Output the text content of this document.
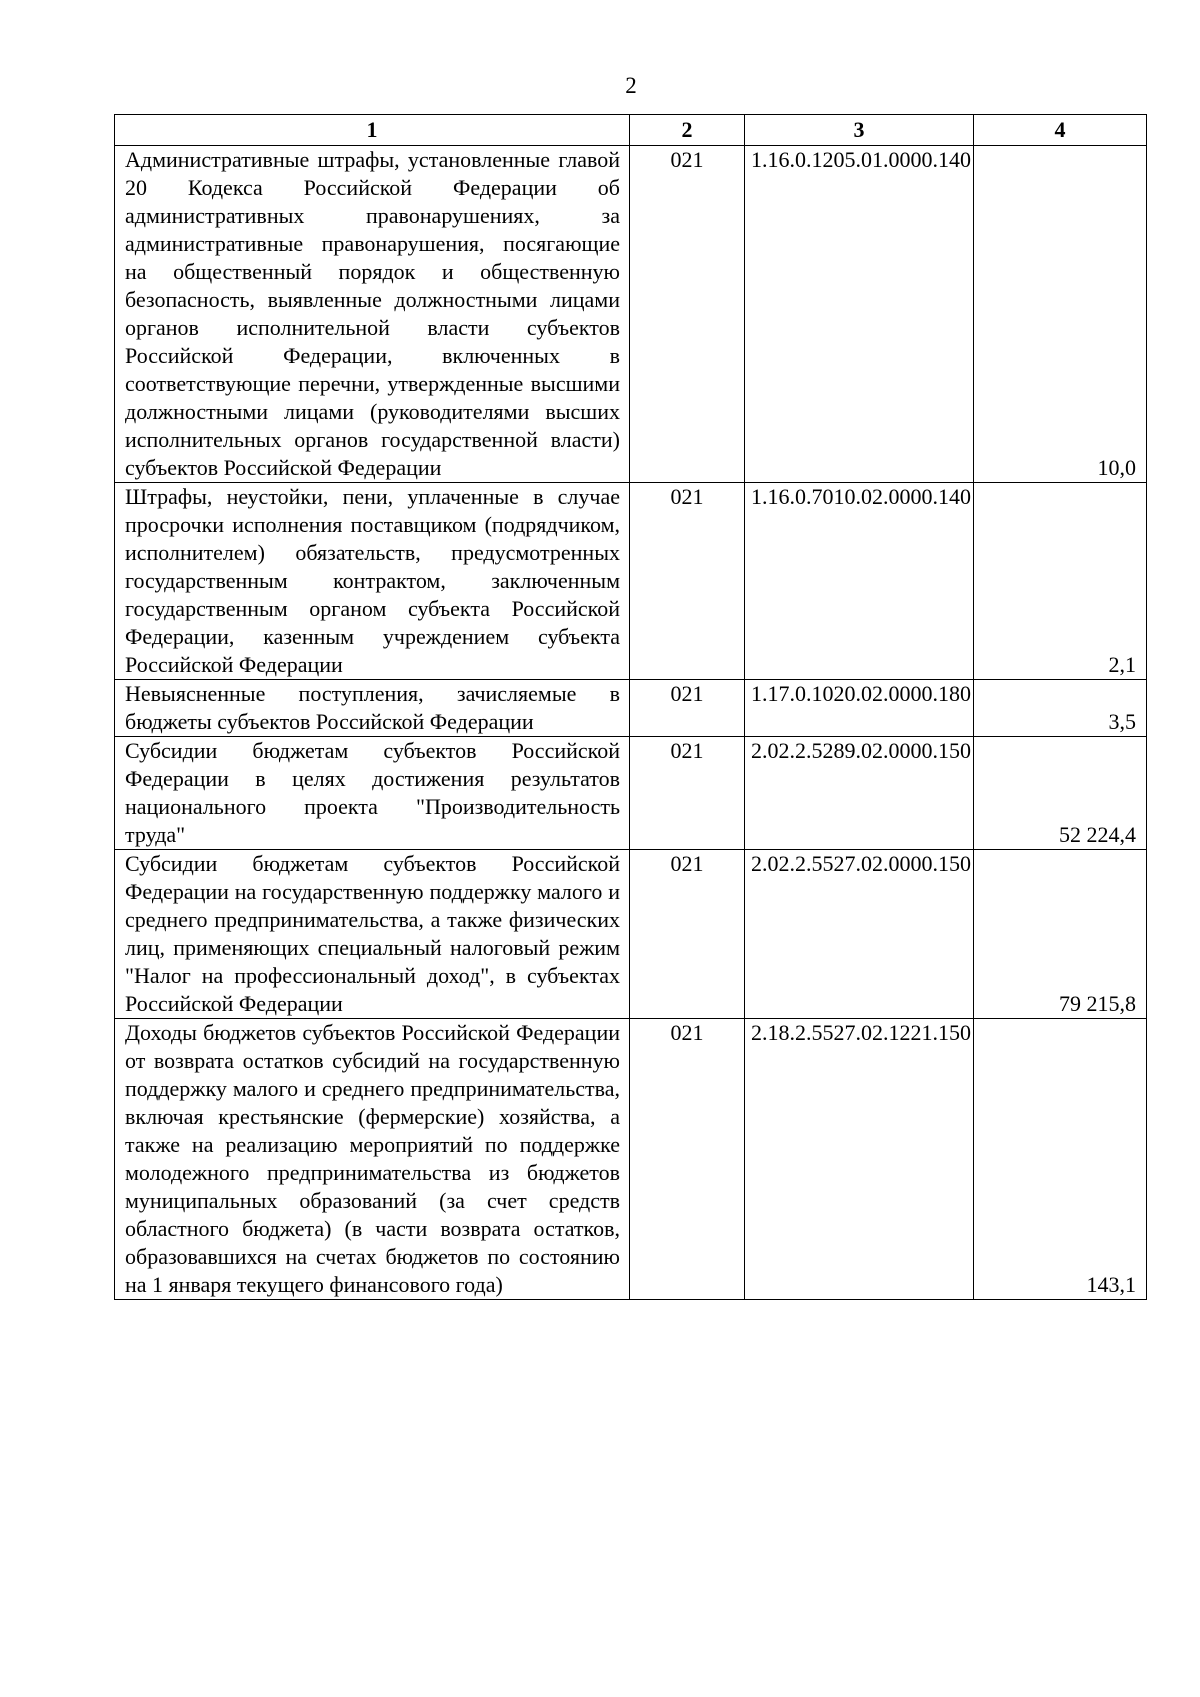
2
1	2	3	4
Административные штрафы, установленные главой 20 Кодекса Российской Федерации об административных правонарушениях, за административные правонарушения, посягающие на общественный порядок и общественную безопасность, выявленные должностными лицами органов исполнительной власти субъектов Российской Федерации, включенных в соответствующие перечни, утвержденные высшими должностными лицами (руководителями высших исполнительных органов государственной власти) субъектов Российской Федерации	021	1.16.0.1205.01.0000.140	10,0
Штрафы, неустойки, пени, уплаченные в случае просрочки исполнения поставщиком (подрядчиком, исполнителем) обязательств, предусмотренных государственным контрактом, заключенным государственным органом субъекта Российской Федерации, казенным учреждением субъекта Российской Федерации	021	1.16.0.7010.02.0000.140	2,1
Невыясненные поступления, зачисляемые в бюджеты субъектов Российской Федерации	021	1.17.0.1020.02.0000.180	3,5
Субсидии бюджетам субъектов Российской Федерации в целях достижения результатов национального проекта "Производительность труда"	021	2.02.2.5289.02.0000.150	52 224,4
Субсидии бюджетам субъектов Российской Федерации на государственную поддержку малого и среднего предпринимательства, а также физических лиц, применяющих специальный налоговый режим "Налог на профессиональный доход", в субъектах Российской Федерации	021	2.02.2.5527.02.0000.150	79 215,8
Доходы бюджетов субъектов Российской Федерации от возврата остатков субсидий на государственную поддержку малого и среднего предпринимательства, включая крестьянские (фермерские) хозяйства, а также на реализацию мероприятий по поддержке молодежного предпринимательства из бюджетов муниципальных образований (за счет средств областного бюджета) (в части возврата остатков, образовавшихся на счетах бюджетов по состоянию на 1 января текущего финансового года)	021	2.18.2.5527.02.1221.150	143,1
